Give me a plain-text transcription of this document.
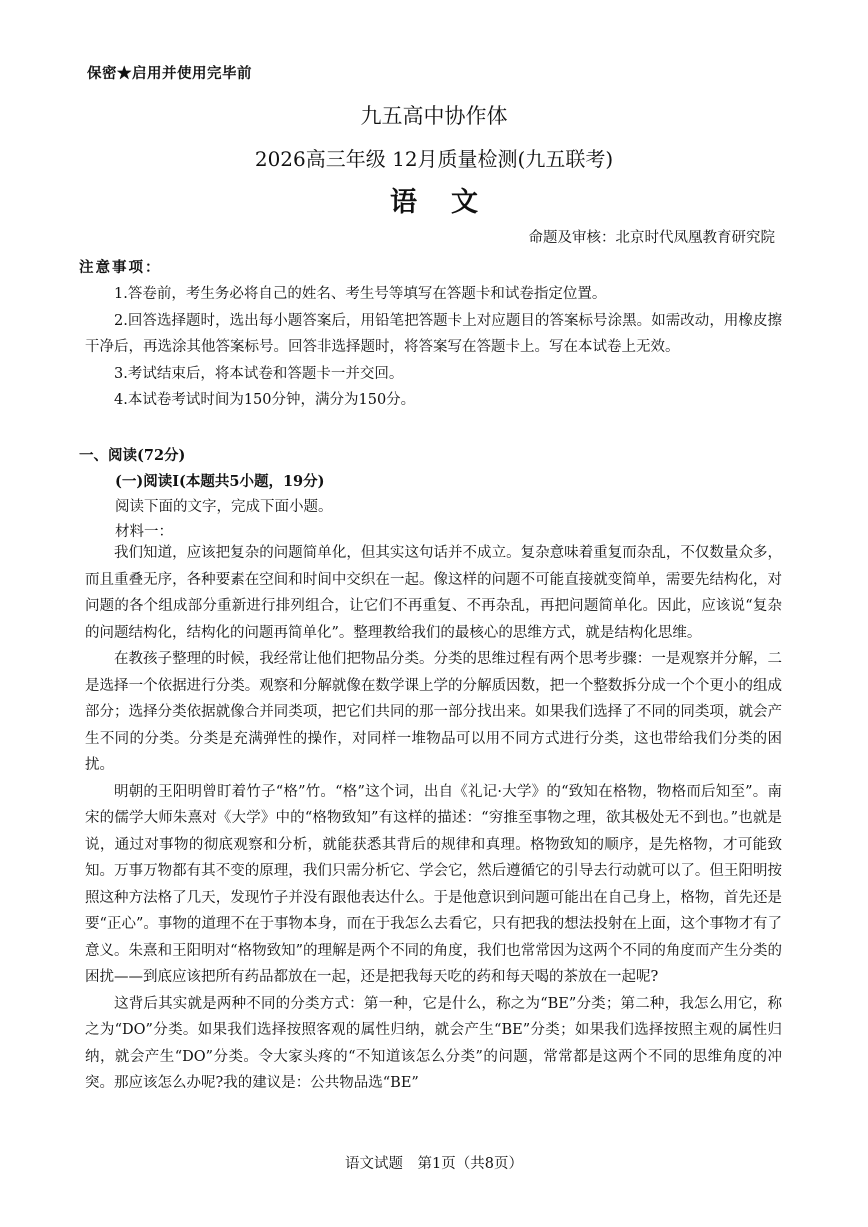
保密★启用并使用完毕前
九五高中协作体
2026高三年级 12月质量检测(九五联考)
语文
命题及审核：北京时代凤凰教育研究院
注意事项：

1.答卷前，考生务必将自己的姓名、考生号等填写在答题卡和试卷指定位置。

2.回答选择题时，选出每小题答案后，用铅笔把答题卡上对应题目的答案标号涂黑。如需改动，用橡皮擦干净后，再选涂其他答案标号。回答非选择题时，将答案写在答题卡上。写在本试卷上无效。

3.考试结束后，将本试卷和答题卡一并交回。

4.本试卷考试时间为150分钟，满分为150分。

一、阅读(72分)
(一)阅读Ⅰ(本题共5小题，19分)
阅读下面的文字，完成下面小题。
材料一：

我们知道，应该把复杂的问题简单化，但其实这句话并不成立。复杂意味着重复而杂乱，不仅数量众多，而且重叠无序，各种要素在空间和时间中交织在一起。像这样的问题不可能直接就变简单，需要先结构化，对问题的各个组成部分重新进行排列组合，让它们不再重复、不再杂乱，再把问题简单化。因此，应该说“复杂的问题结构化，结构化的问题再简单化”。整理教给我们的最核心的思维方式，就是结构化思维。

在教孩子整理的时候，我经常让他们把物品分类。分类的思维过程有两个思考步骤：一是观察并分解，二是选择一个依据进行分类。观察和分解就像在数学课上学的分解质因数，把一个整数拆分成一个个更小的组成部分；选择分类依据就像合并同类项，把它们共同的那一部分找出来。如果我们选择了不同的同类项，就会产生不同的分类。分类是充满弹性的操作，对同样一堆物品可以用不同方式进行分类，这也带给我们分类的困扰。

明朝的王阳明曾盯着竹子“格”竹。“格”这个词，出自《礼记·大学》的“致知在格物，物格而后知至”。南宋的儒学大师朱熹对《大学》中的“格物致知”有这样的描述：“穷推至事物之理，欲其极处无不到也。”也就是说，通过对事物的彻底观察和分析，就能获悉其背后的规律和真理。格物致知的顺序，是先格物，才可能致知。万事万物都有其不变的原理，我们只需分析它、学会它，然后遵循它的引导去行动就可以了。但王阳明按照这种方法格了几天，发现竹子并没有跟他表达什么。于是他意识到问题可能出在自己身上，格物，首先还是要“正心”。事物的道理不在于事物本身，而在于我怎么去看它，只有把我的想法投射在上面，这个事物才有了意义。朱熹和王阳明对“格物致知”的理解是两个不同的角度，我们也常常因为这两个不同的角度而产生分类的困扰——到底应该把所有药品都放在一起，还是把我每天吃的药和每天喝的茶放在一起呢?

这背后其实就是两种不同的分类方式：第一种，它是什么，称之为“BE”分类；第二种，我怎么用它，称之为“DO”分类。如果我们选择按照客观的属性归纳，就会产生“BE”分类；如果我们选择按照主观的属性归纳，就会产生“DO”分类。令大家头疼的“不知道该怎么分类”的问题，常常都是这两个不同的思维角度的冲突。那应该怎么办呢?我的建议是：公共物品选“BE”

语文试题　第1页（共8页）
